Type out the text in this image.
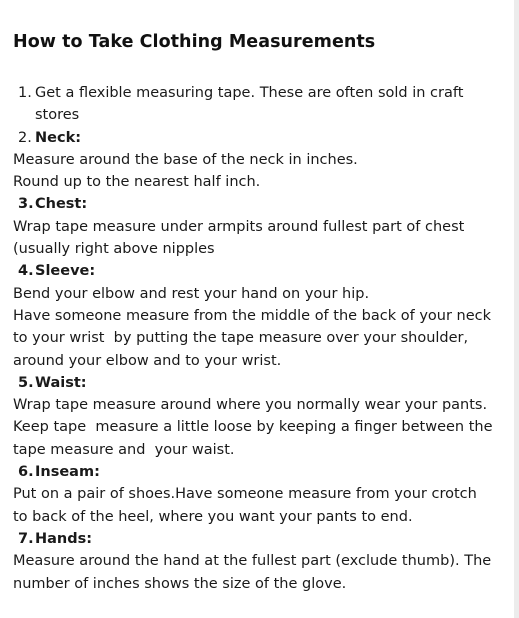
How to Take Clothing Measurements
1. Get a flexible measuring tape. These are often sold in craft stores
2. Neck:
Measure around the base of the neck in inches.
Round up to the nearest half inch.
3.Chest:
Wrap tape measure under armpits around fullest part of chest
(usually right above nipples
4.Sleeve:
Bend your elbow and rest your hand on your hip.
Have someone measure from the middle of the back of your neck
to your wrist  by putting the tape measure over your shoulder,
around your elbow and to your wrist.
5.Waist:
Wrap tape measure around where you normally wear your pants.
Keep tape  measure a little loose by keeping a finger between the
tape measure and  your waist.
6.Inseam:
Put on a pair of shoes.Have someone measure from your crotch
to back of the heel, where you want your pants to end.
7.Hands:
Measure around the hand at the fullest part (exclude thumb). The
number of inches shows the size of the glove.
